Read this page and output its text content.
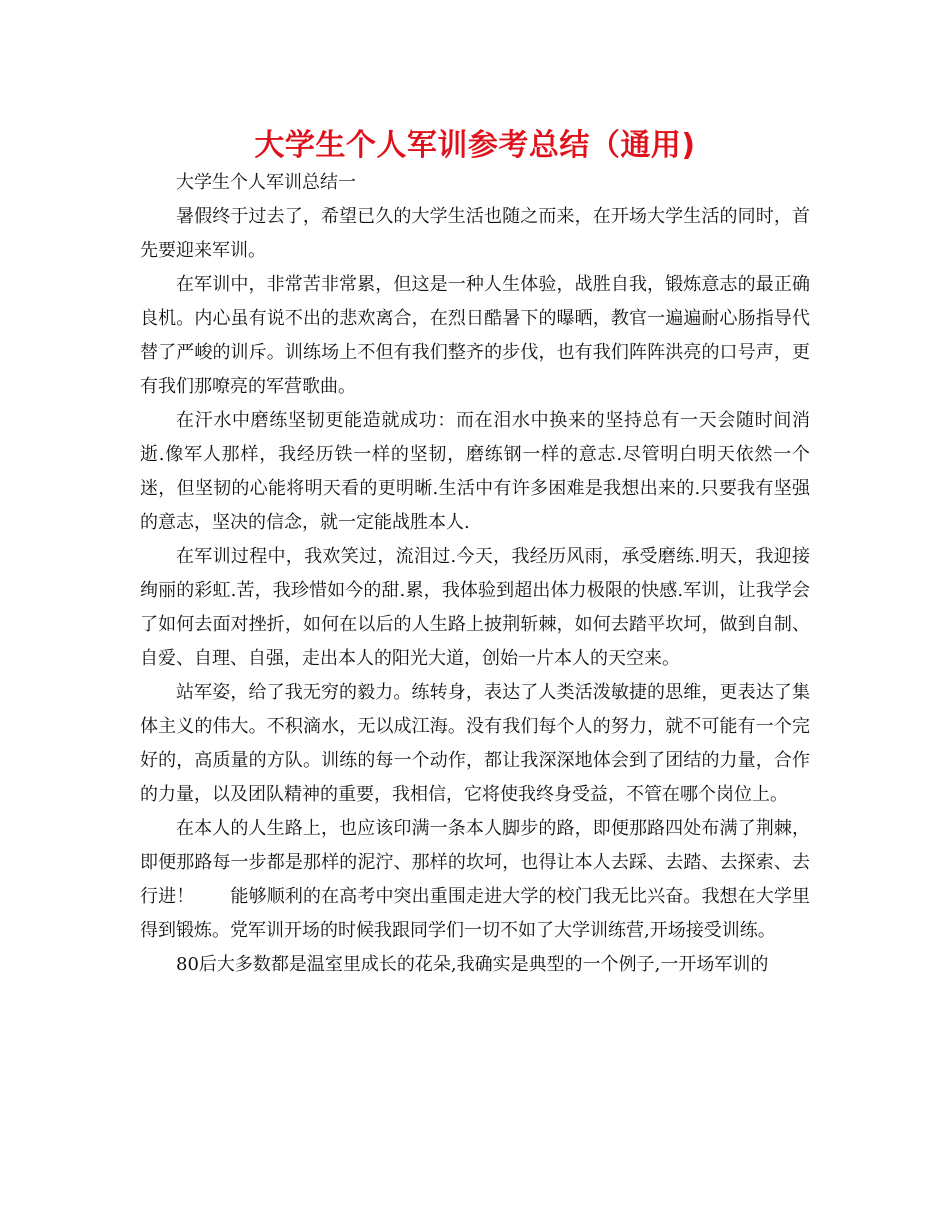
大学生个人军训参考总结（通用)

大学生个人军训总结一

暑假终于过去了，希望已久的大学生活也随之而来，在开场大学生活的同时，首先要迎来军训。

在军训中，非常苦非常累，但这是一种人生体验，战胜自我，锻炼意志的最正确良机。内心虽有说不出的悲欢离合，在烈日酷暑下的曝晒，教官一遍遍耐心肠指导代替了严峻的训斥。训练场上不但有我们整齐的步伐，也有我们阵阵洪亮的口号声，更有我们那嘹亮的军营歌曲。

在汗水中磨练坚韧更能造就成功：而在泪水中换来的坚持总有一天会随时间消逝.像军人那样，我经历铁一样的坚韧，磨练钢一样的意志.尽管明白明天依然一个迷，但坚韧的心能将明天看的更明晰.生活中有许多困难是我想出来的.只要我有坚强的意志，坚决的信念，就一定能战胜本人.

在军训过程中，我欢笑过，流泪过.今天，我经历风雨，承受磨练.明天，我迎接绚丽的彩虹.苦，我珍惜如今的甜.累，我体验到超出体力极限的快感.军训，让我学会了如何去面对挫折，如何在以后的人生路上披荆斩棘，如何去踏平坎坷，做到自制、自爱、自理、自强，走出本人的阳光大道，创始一片本人的天空来。

站军姿，给了我无穷的毅力。练转身，表达了人类活泼敏捷的思维，更表达了集体主义的伟大。不积滴水，无以成江海。没有我们每个人的努力，就不可能有一个完好的，高质量的方队。训练的每一个动作，都让我深深地体会到了团结的力量，合作的力量，以及团队精神的重要，我相信，它将使我终身受益，不管在哪个岗位上。

在本人的人生路上，也应该印满一条本人脚步的路，即便那路四处布满了荆棘，即便那路每一步都是那样的泥泞、那样的坎坷，也得让本人去踩、去踏、去探索、去行进！　　能够顺利的在高考中突出重围走进大学的校门我无比兴奋。我想在大学里得到锻炼。党军训开场的时候我跟同学们一切不如了大学训练营,开场接受训练。

80后大多数都是温室里成长的花朵,我确实是典型的一个例子,一开场军训的
